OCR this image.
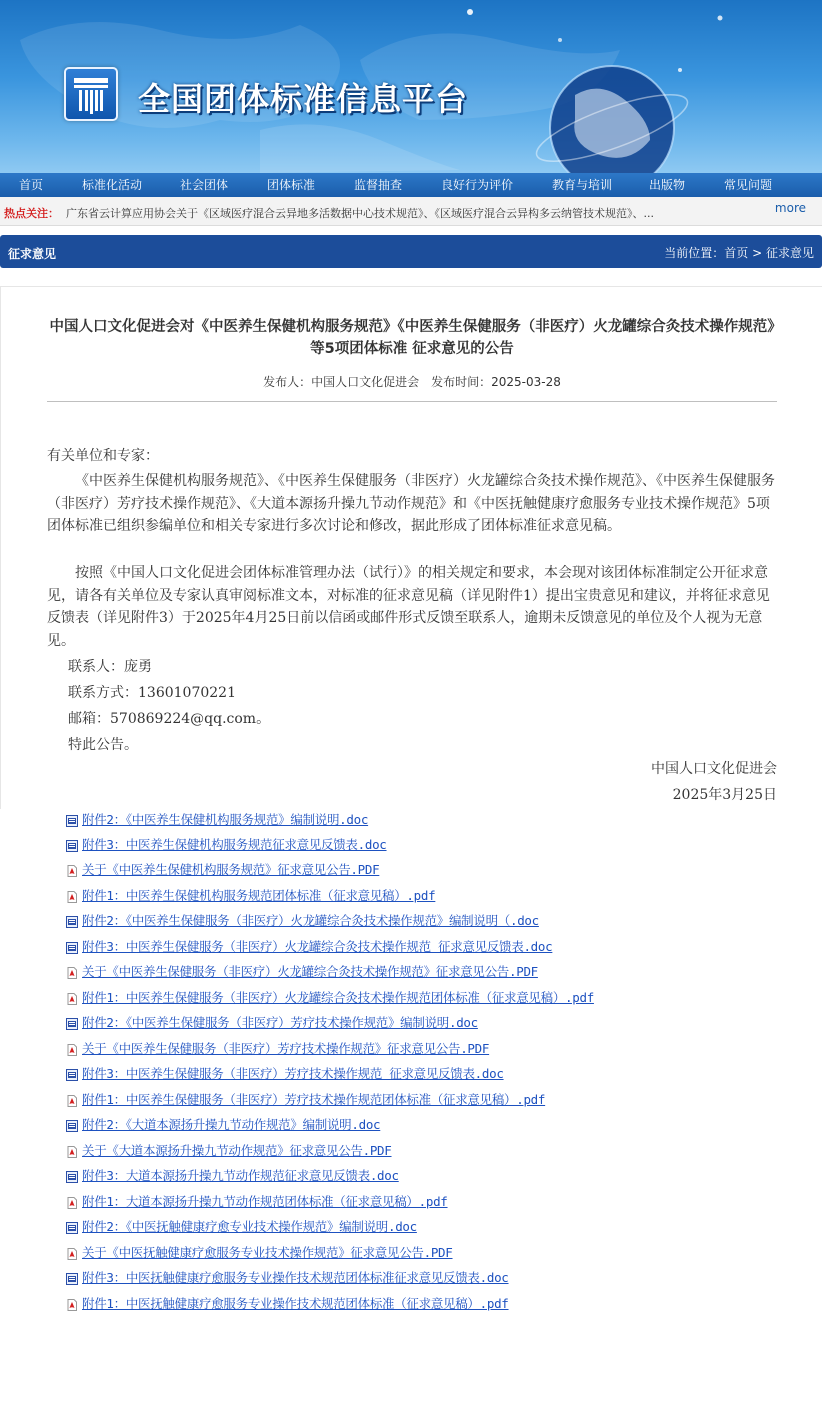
全国团体标准信息平台
首页	标准化活动	社会团体	团体标准	监督抽查	良好行为评价	教育与培训	出版物	常见问题
热点关注： 广东省云计算应用协会关于《区域医疗混合云异地多活数据中心技术规范》、《区域医疗混合云异构多云纳管技术规范》、...	more
征求意见	当前位置：首页 > 征求意见
中国人口文化促进会对《中医养生保健机构服务规范》《中医养生保健服务（非医疗）火龙罐综合灸技术操作规范》等5项团体标准 征求意见的公告
发布人：中国人口文化促进会　发布时间：2025-03-28

有关单位和专家：

《中医养生保健机构服务规范》、《中医养生保健服务（非医疗）火龙罐综合灸技术操作规范》、《中医养生保健服务（非医疗）芳疗技术操作规范》、《大道本源扬升操九节动作规范》和《中医抚触健康疗愈服务专业技术操作规范》5项团体标准已组织参编单位和相关专家进行多次讨论和修改，据此形成了团体标准征求意见稿。

按照《中国人口文化促进会团体标准管理办法（试行）》的相关规定和要求，本会现对该团体标准制定公开征求意见，请各有关单位及专家认真审阅标准文本，对标准的征求意见稿（详见附件1）提出宝贵意见和建议，并将征求意见反馈表（详见附件3）于2025年4月25日前以信函或邮件形式反馈至联系人，逾期未反馈意见的单位及个人视为无意见。

联系人：庞勇
联系方式：13601070221
邮箱：570869224@qq.com。
特此公告。
中国人口文化促进会
2025年3月25日
附件2：《中医养生保健机构服务规范》编制说明.doc
附件3：中医养生保健机构服务规范征求意见反馈表.doc
关于《中医养生保健机构服务规范》征求意见公告.PDF
附件1：中医养生保健机构服务规范团体标准（征求意见稿）.pdf
附件2：《中医养生保健服务（非医疗）火龙罐综合灸技术操作规范》编制说明（.doc
附件3：中医养生保健服务（非医疗）火龙罐综合灸技术操作规范 征求意见反馈表.doc
关于《中医养生保健服务（非医疗）火龙罐综合灸技术操作规范》征求意见公告.PDF
附件1：中医养生保健服务（非医疗）火龙罐综合灸技术操作规范团体标准（征求意见稿）.pdf
附件2：《中医养生保健服务（非医疗）芳疗技术操作规范》编制说明.doc
关于《中医养生保健服务（非医疗）芳疗技术操作规范》征求意见公告.PDF
附件3：中医养生保健服务（非医疗）芳疗技术操作规范 征求意见反馈表.doc
附件1：中医养生保健服务（非医疗）芳疗技术操作规范团体标准（征求意见稿）.pdf
附件2：《大道本源扬升操九节动作规范》编制说明.doc
关于《大道本源扬升操九节动作规范》征求意见公告.PDF
附件3：大道本源扬升操九节动作规范征求意见反馈表.doc
附件1：大道本源扬升操九节动作规范团体标准（征求意见稿）.pdf
附件2：《中医抚触健康疗愈专业技术操作规范》编制说明.doc
关于《中医抚触健康疗愈服务专业技术操作规范》征求意见公告.PDF
附件3：中医抚触健康疗愈服务专业操作技术规范团体标准征求意见反馈表.doc
附件1：中医抚触健康疗愈服务专业操作技术规范团体标准（征求意见稿）.pdf
